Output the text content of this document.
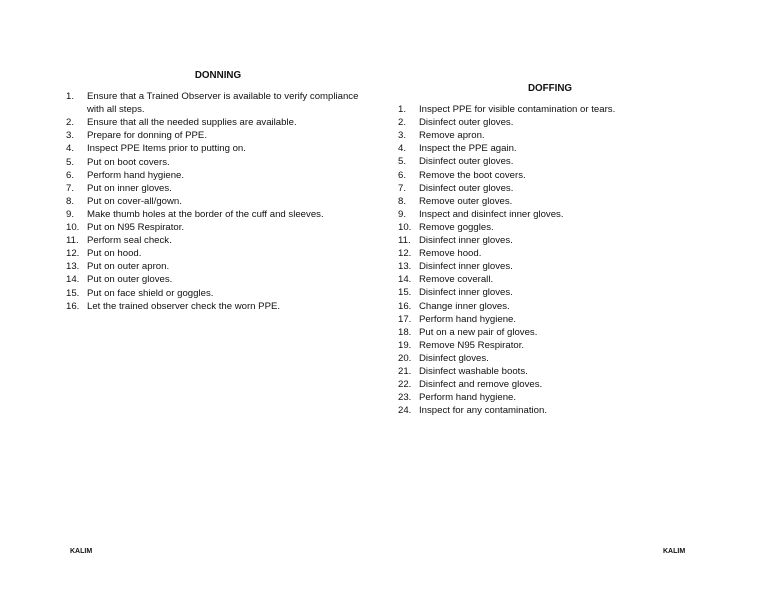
DONNING
1.	Ensure that a Trained Observer is available to verify compliance with all steps.
2.	Ensure that all the needed supplies are available.
3.	Prepare for donning of PPE.
4.	Inspect PPE Items prior to putting on.
5.	Put on boot covers.
6.	Perform hand hygiene.
7.	Put on inner gloves.
8.	Put on cover-all/gown.
9.	Make thumb holes at the border of the cuff and sleeves.
10. Put on N95 Respirator.
11. Perform seal check.
12. Put on hood.
13. Put on outer apron.
14. Put on outer gloves.
15. Put on face shield or goggles.
16. Let the trained observer check the worn PPE.
DOFFING
1.	Inspect PPE for visible contamination or tears.
2.	Disinfect outer gloves.
3.	Remove apron.
4.	Inspect the PPE again.
5.	Disinfect outer gloves.
6.	Remove the boot covers.
7.	Disinfect outer gloves.
8.	Remove outer gloves.
9.	Inspect and disinfect inner gloves.
10. Remove goggles.
11. Disinfect inner gloves.
12. Remove hood.
13. Disinfect inner gloves.
14. Remove coverall.
15. Disinfect inner gloves.
16. Change inner gloves.
17. Perform hand hygiene.
18. Put on a new pair of gloves.
19. Remove N95 Respirator.
20. Disinfect gloves.
21. Disinfect washable boots.
22. Disinfect and remove gloves.
23. Perform hand hygiene.
24. Inspect for any contamination.
KALIM	KALIM
